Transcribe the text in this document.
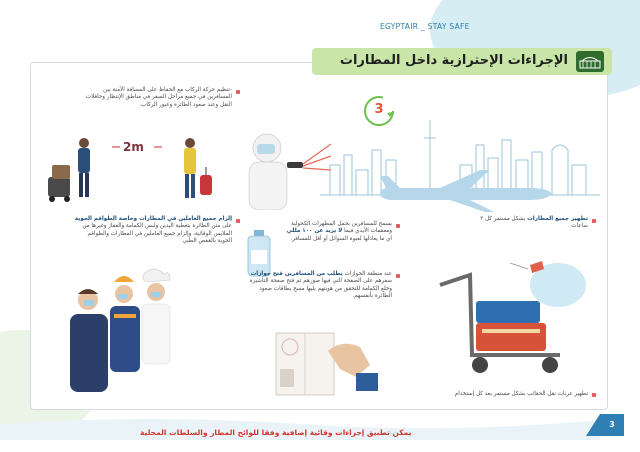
EGYPTAIR _ STAY SAFE
الإجراءات الإحترازية داخل المطارات
3
-تنظيم حركة الركاب مع الحفاظ على المسافة الآمنة بين المسافرين في جميع مراحل السفر في مناطق الإنتظار وحافلات النقل وعند صعود الطائرة وعبور الركاب.
2m
إلزام جميع العاملين في المطارات وخاصة الطواقم الجوية على متن الطائرة بتغطية اليدين ولبس الكمامة والقفاز وغيرها من الملابس الوقائية، وإلزام جميع العاملين في المطارات والطواقم الجوية بالقفص الطبي
تطهير جميع المطارات بشكل مستمر كل ٣ ساعات
يسمح للمسافرين بحمل المطهرات الكحولية ومعقمات الأيدي فيما لا يزيد عن ١٠٠ مللي أي ما يعادلها لعبوة السوائل أو أقل للمسافر.
عند منطقة الجوازات يطلب من المسافرين فتح جوازات سفرهم على الصفحة التي فيها صورهم ثم فتح صفحة التأشيرة وخلع الكمامة للتحقق من هويتهم يليها مسح بطاقات صعود الطائرة بأنفسهم.
تطهير عربات نقل الحقائب بشكل مستمر بعد كل إستخدام
يمكن تطبيق إجراءات وقائية إضافية وفقا للوائح المطار والسلطات المحلية
3
